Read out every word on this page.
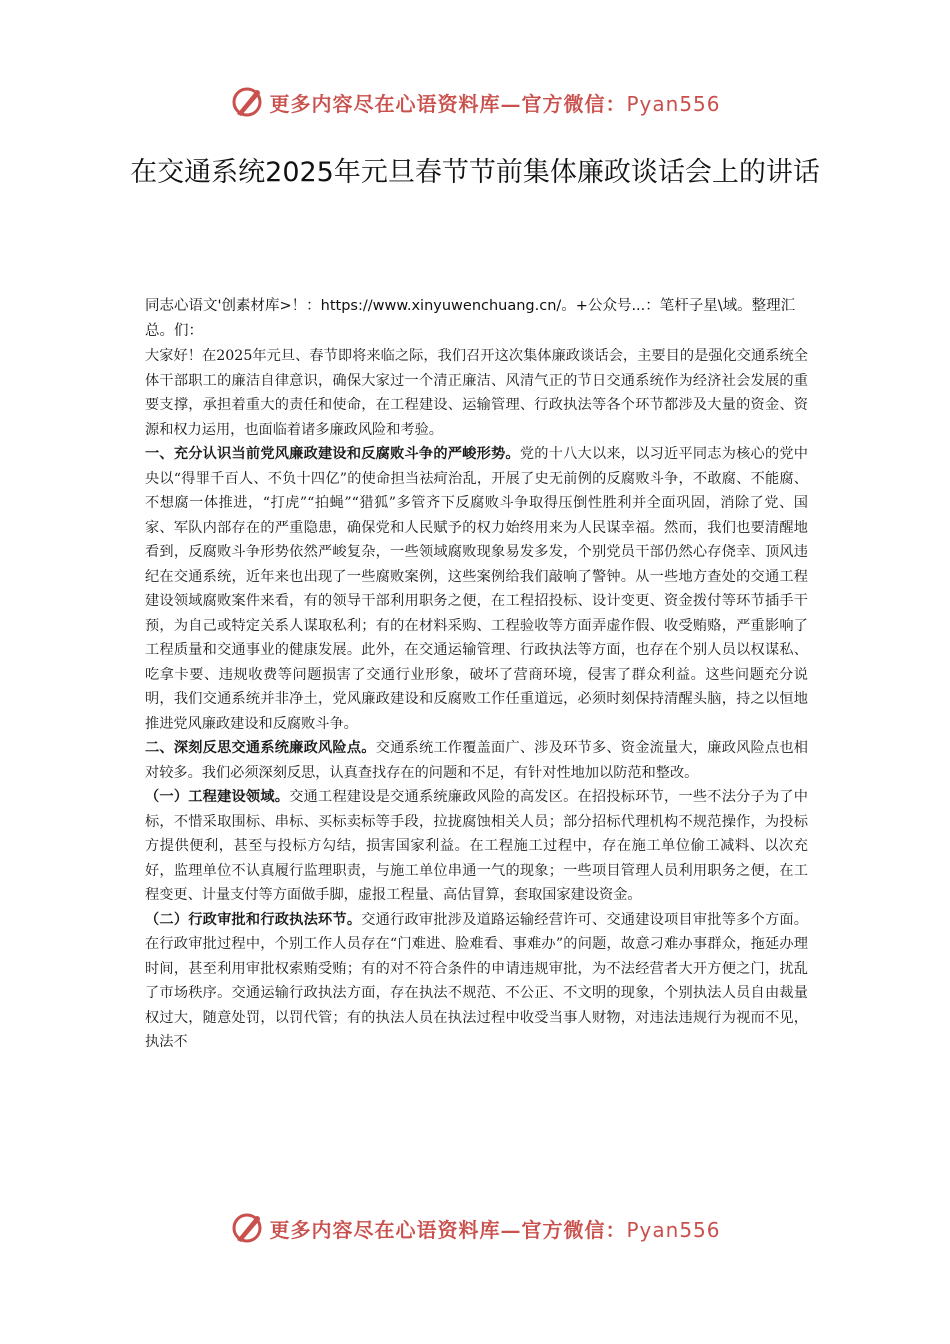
更多内容尽在心语资料库—官方微信：Pyan556
在交通系统2025年元旦春节节前集体廉政谈话会上的讲话

同志心语文'创素材库>！：https://www.xinyuwenchuang.cn/。+公众号...：笔杆子星\域。整理汇总。们：

大家好！在2025年元旦、春节即将来临之际，我们召开这次集体廉政谈话会，主要目的是强化交通系统全体干部职工的廉洁自律意识，确保大家过一个清正廉洁、风清气正的节日交通系统作为经济社会发展的重要支撑，承担着重大的责任和使命，在工程建设、运输管理、行政执法等各个环节都涉及大量的资金、资源和权力运用，也面临着诸多廉政风险和考验。

一、充分认识当前党风廉政建设和反腐败斗争的严峻形势。党的十八大以来，以习近平同志为核心的党中央以“得罪千百人、不负十四亿”的使命担当祛疴治乱，开展了史无前例的反腐败斗争，不敢腐、不能腐、不想腐一体推进，“打虎”“拍蝇”“猎狐”多管齐下反腐败斗争取得压倒性胜利并全面巩固，消除了党、国家、军队内部存在的严重隐患，确保党和人民赋予的权力始终用来为人民谋幸福。然而，我们也要清醒地看到，反腐败斗争形势依然严峻复杂，一些领域腐败现象易发多发，个别党员干部仍然心存侥幸、顶风违纪在交通系统，近年来也出现了一些腐败案例，这些案例给我们敲响了警钟。从一些地方查处的交通工程建设领域腐败案件来看，有的领导干部利用职务之便，在工程招投标、设计变更、资金拨付等环节插手干预，为自己或特定关系人谋取私利；有的在材料采购、工程验收等方面弄虚作假、收受贿赂，严重影响了工程质量和交通事业的健康发展。此外，在交通运输管理、行政执法等方面，也存在个别人员以权谋私、吃拿卡要、违规收费等问题损害了交通行业形象，破坏了营商环境，侵害了群众利益。这些问题充分说明，我们交通系统并非净土，党风廉政建设和反腐败工作任重道远，必须时刻保持清醒头脑，持之以恒地推进党风廉政建设和反腐败斗争。

二、深刻反思交通系统廉政风险点。交通系统工作覆盖面广、涉及环节多、资金流量大，廉政风险点也相对较多。我们必须深刻反思，认真查找存在的问题和不足，有针对性地加以防范和整改。

（一）工程建设领域。交通工程建设是交通系统廉政风险的高发区。在招投标环节，一些不法分子为了中标，不惜采取围标、串标、买标卖标等手段，拉拢腐蚀相关人员；部分招标代理机构不规范操作，为投标方提供便利，甚至与投标方勾结，损害国家利益。在工程施工过程中，存在施工单位偷工减料、以次充好，监理单位不认真履行监理职责，与施工单位串通一气的现象；一些项目管理人员利用职务之便，在工程变更、计量支付等方面做手脚，虚报工程量、高估冒算，套取国家建设资金。

（二）行政审批和行政执法环节。交通行政审批涉及道路运输经营许可、交通建设项目审批等多个方面。在行政审批过程中，个别工作人员存在“门难进、脸难看、事难办”的问题，故意刁难办事群众，拖延办理时间，甚至利用审批权索贿受贿；有的对不符合条件的申请违规审批，为不法经营者大开方便之门，扰乱了市场秩序。交通运输行政执法方面，存在执法不规范、不公正、不文明的现象，个别执法人员自由裁量权过大，随意处罚，以罚代管；有的执法人员在执法过程中收受当事人财物，对违法违规行为视而不见，执法不

更多内容尽在心语资料库—官方微信：Pyan556
